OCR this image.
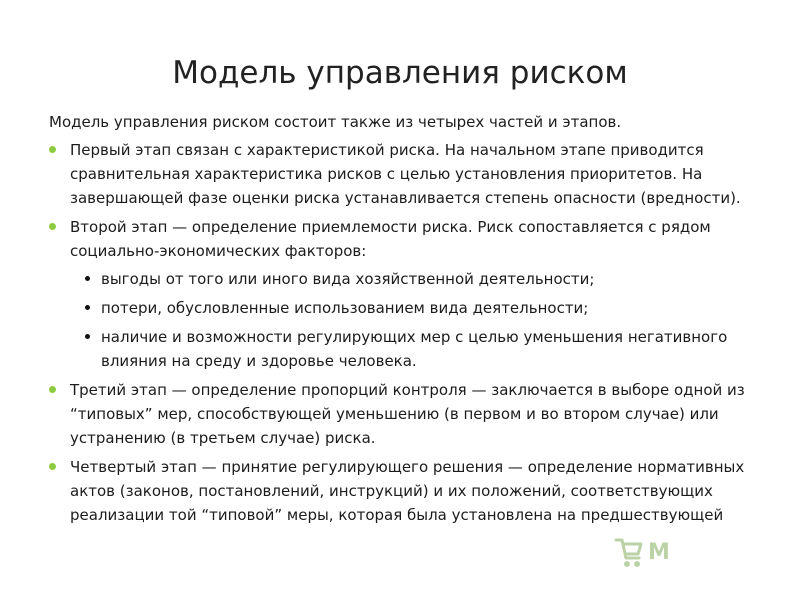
Модель управления риском

Модель управления риском состоит также из четырех частей и этапов.

Первый этап связан с характеристикой риска. На начальном этапе приводится сравнительная характеристика рисков с целью установления приоритетов. На завершающей фазе оценки риска устанавливается степень опасности (вредности).
Второй этап — определение приемлемости риска. Риск сопоставляется с рядом социально-экономических факторов:
выгоды от того или иного вида хозяйственной деятельности;
потери, обусловленные использованием вида деятельности;
наличие и возможности регулирующих мер с целью уменьшения негативного влияния на среду и здоровье человека.
Третий этап — определение пропорций контроля — заключается в выборе одной из “типовых” мер, способствующей уменьшению (в первом и во втором случае) или устранению (в третьем случае) риска.
Четвертый этап — принятие регулирующего решения — определение нормативных актов (законов, постановлений, инструкций) и их положений, соответствующих реализации той “типовой” меры, которая была установлена на предшествующей
М
